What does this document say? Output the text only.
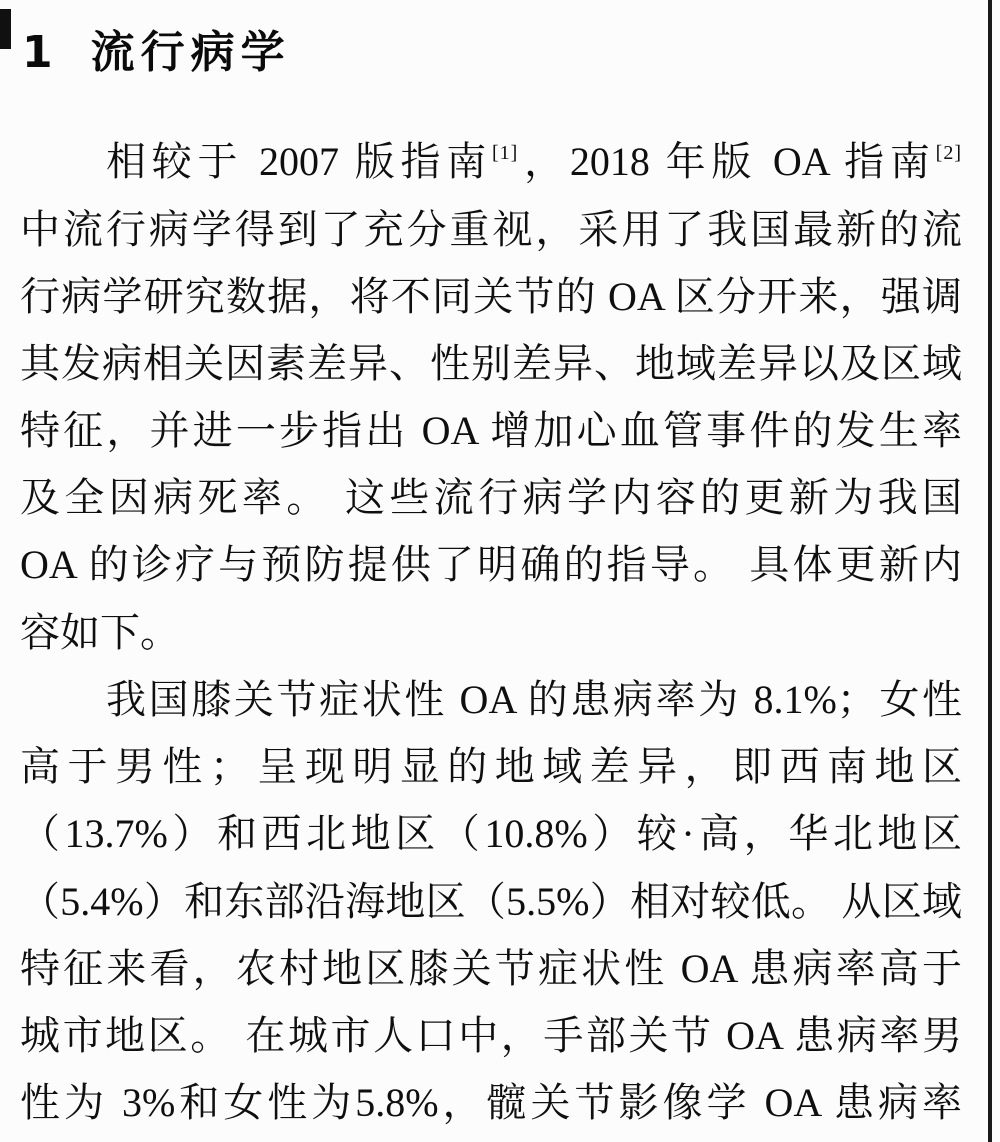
1 流行病学
相较于 2007 版指南[1]，2018 年版 OA 指南[2]
中流行病学得到了充分重视，采用了我国最新的流
行病学研究数据，将不同关节的 OA 区分开来，强调
其发病相关因素差异、性别差异、地域差异以及区域
特征，并进一步指出 OA 增加心血管事件的发生率
及全因病死率。 这些流行病学内容的更新为我国
OA 的诊疗与预防提供了明确的指导。 具体更新内
容如下。
我国膝关节症状性 OA 的患病率为 8.1%；女性
高于男性；呈现明显的地域差异，即西南地区
（13.7%）和西北地区（10.8%）较·高，华北地区
（5.4%）和东部沿海地区（5.5%）相对较低。 从区域
特征来看，农村地区膝关节症状性 OA 患病率高于
城市地区。 在城市人口中，手部关节 OA 患病率男
性为 3%和女性为5.8%，髋关节影像学 OA 患病率
